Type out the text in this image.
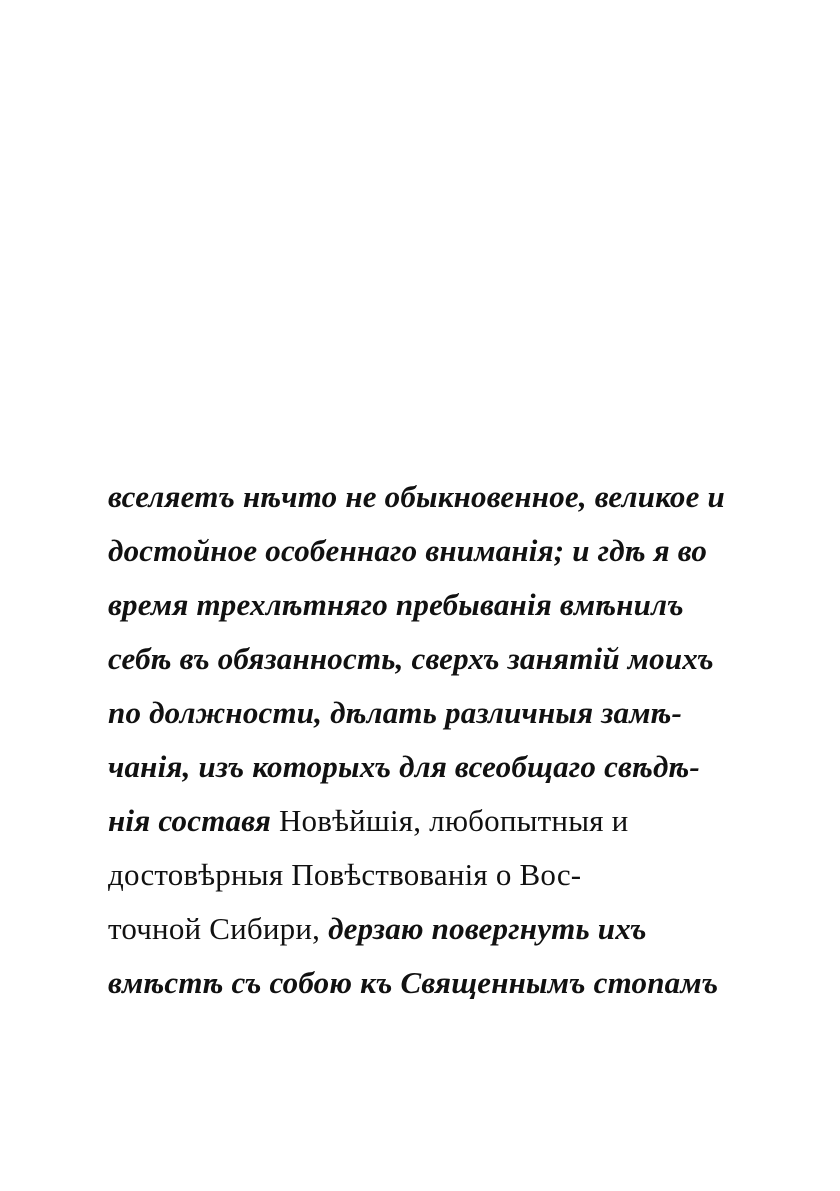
вселяетъ нѣчто не обыкновенное, великое и
достойное особеннаго вниманія; и гдѣ я во
время трехлѣтняго пребыванія вмѣнилъ
себѣ въ обязанность, сверхъ занятій моихъ
по должности, дѣлать различныя замѣ-
чанія, изъ которыхъ для всеобщаго свѣдѣ-
нія составя Новѣйшія, любопытныя и
достовѣрныя Повѣствованія о Вос-
точной Сибири, дерзаю повергнуть ихъ
вмѣстѣ съ собою къ Священнымъ стопамъ
